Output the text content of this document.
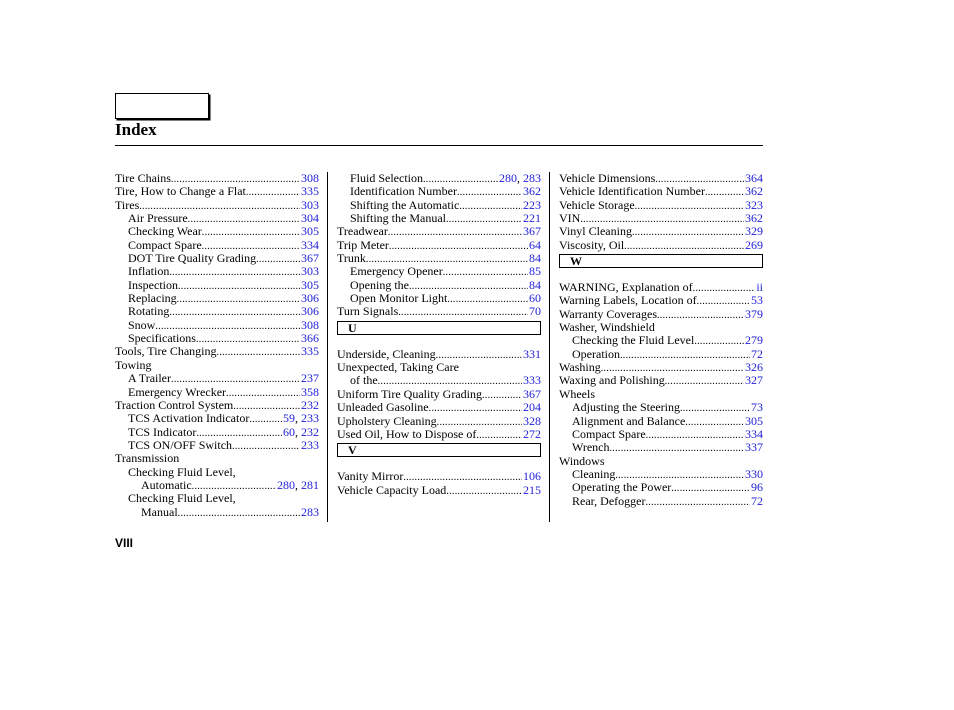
Index
Tire Chains .....	308
Tire, How to Change a Flat .....	335
Tires .....	303
Air Pressure .....	304
Checking Wear .....	305
Compact Spare .....	334
DOT Tire Quality Grading .....	367
Inflation .....	303
Inspection .....	305
Replacing .....	306
Rotating .....	306
Snow .....	308
Specifications .....	366
Tools, Tire Changing .....	335
Towing
A Trailer .....	237
Emergency Wrecker .....	358
Traction Control System .....	232
TCS Activation Indicator .....	59, 233
TCS Indicator .....	60, 232
TCS ON/OFF Switch .....	233
Transmission
Checking Fluid Level,
Automatic .....	280, 281
Checking Fluid Level,
Manual .....	283
Fluid Selection .....	280, 283
Identification Number .....	362
Shifting the Automatic .....	223
Shifting the Manual .....	221
Treadwear .....	367
Trip Meter .....	64
Trunk .....	84
Emergency Opener .....	85
Opening the .....	84
Open Monitor Light .....	60
Turn Signals .....	70
U
Underside, Cleaning .....	331
Unexpected, Taking Care
of the .....	333
Uniform Tire Quality Grading .....	367
Unleaded Gasoline .....	204
Upholstery Cleaning .....	328
Used Oil, How to Dispose of .....	272
V
Vanity Mirror .....	106
Vehicle Capacity Load .....	215
Vehicle Dimensions .....	364
Vehicle Identification Number .....	362
Vehicle Storage .....	323
VIN .....	362
Vinyl Cleaning .....	329
Viscosity, Oil .....	269
W
WARNING, Explanation of .....	ii
Warning Labels, Location of .....	53
Warranty Coverages .....	379
Washer, Windshield
Checking the Fluid Level .....	279
Operation .....	72
Washing .....	326
Waxing and Polishing .....	327
Wheels
Adjusting the Steering .....	73
Alignment and Balance .....	305
Compact Spare .....	334
Wrench .....	337
Windows
Cleaning .....	330
Operating the Power .....	96
Rear, Defogger .....	72
VIII
